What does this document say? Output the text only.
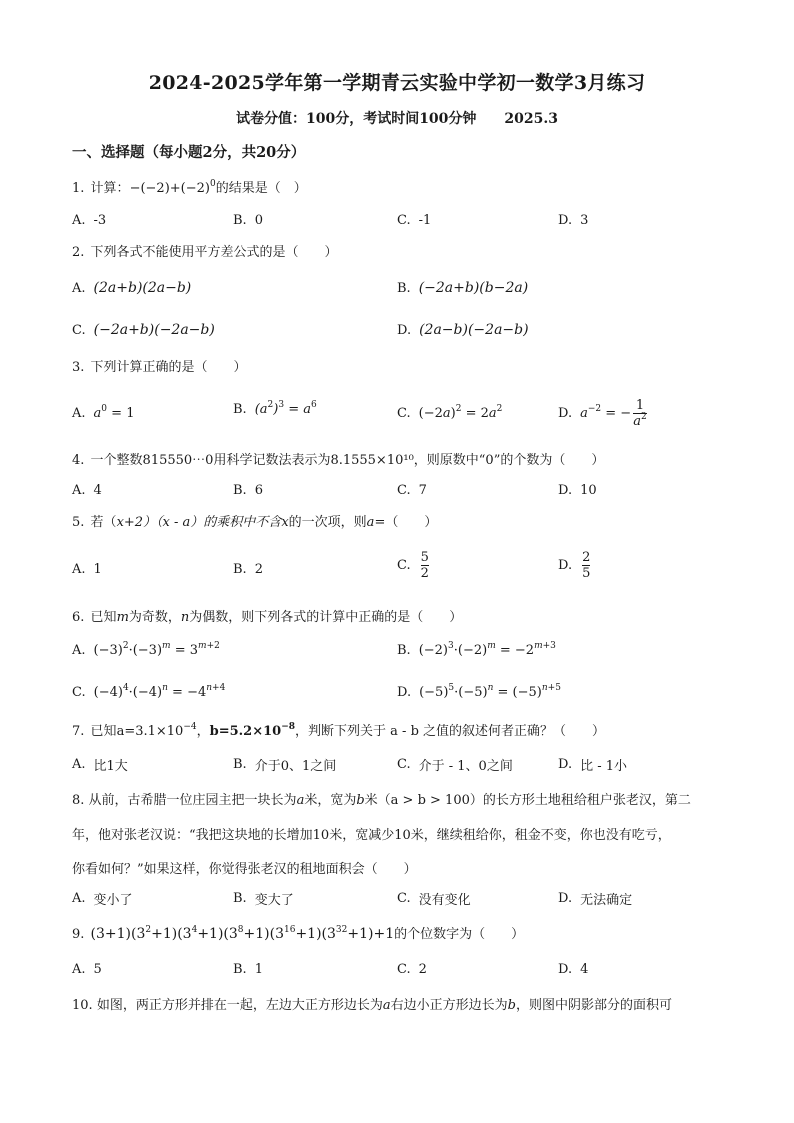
2024-2025学年第一学期青云实验中学初一数学3月练习
试卷分值：100分，考试时间100分钟 2025.3
一、选择题（每小题2分，共20分）
1. 计算：$-(-2)+(-2)^0$的结果是（　）
A. -3	B. 0	C. -1	D. 3
2. 下列各式不能使用平方差公式的是（　　）
A. (2a+b)(2a−b)	B. (−2a+b)(b−2a)
C. (−2a+b)(−2a−b)	D. (2a−b)(−2a−b)
3. 下列计算正确的是（　　）
A. $a^0 = 1$	B. $(a^2)^3 = a^6$
C. $(-2a)^2 = 2a^2$	D. $a^{-2}$ = − $\frac{1}{a^2}$
4. 一个整数815550⋯0用科学记数法表示为8.1555×10¹⁰，则原数中“0”的个数为（　　）
A. 4	B. 6	C. 7	D. 10
5. 若（x+2）（x - a）的乘积中不含x的一次项，则a=（　　）
A. 1	B. 2	C. $\frac{5}{2}$	D. $\frac{2}{5}$
6. 已知m为奇数，n为偶数，则下列各式的计算中正确的是（　　）
A. $(-3)^2\cdot(-3)^m = 3^{m+2}$	B. $(-2)^3\cdot(-2)^m = -2^{m+3}$
C. $(-4)^4\cdot(-4)^n = -4^{n+4}$	D. $(-5)^5\cdot(-5)^n = (-5)^{n+5}$
7. 已知$a=3.1\times 10^{-4}$，$b=5.2\times 10^{-8}$，判断下列关于 a - b 之值的叙述何者正确？（　　）
A. 比1大	B. 介于0、1之间	C. 介于 - 1、0之间	D. 比 - 1小
8. 从前，古希腊一位庄园主把一块长为a米，宽为b米（a > b > 100）的长方形土地租给租户张老汉，第二
年，他对张老汉说：“我把这块地的长增加10米，宽减少10米，继续租给你，租金不变，你也没有吃亏，
你看如何？”如果这样，你觉得张老汉的租地面积会（　　）
A. 变小了	B. 变大了	C. 没有变化	D. 无法确定
9. $(3+1)(3^2+1)(3^4+1)(3^8+1)(3^{16}+1)(3^{32}+1)+1$的个位数字为（　　）
A. 5	B. 1	C. 2	D. 4
10. 如图，两正方形并排在一起，左边大正方形边长为a右边小正方形边长为b，则图中阴影部分的面积可
